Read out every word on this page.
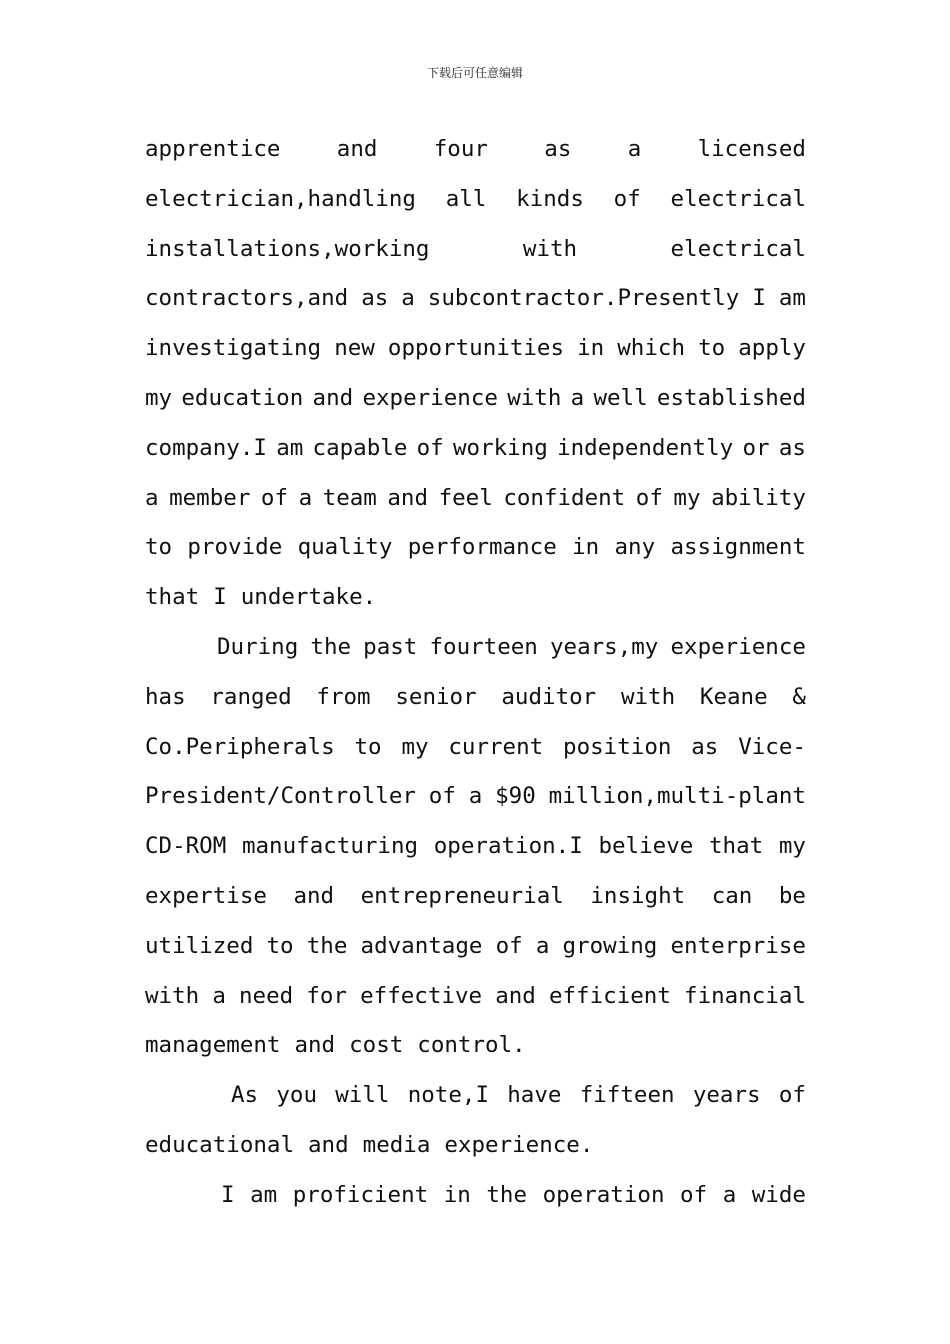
下载后可任意编辑
apprentice	and	four	as	a	licensed
electrician,handling all kinds of electrical
installations,working	with	electrical
contractors,and as a subcontractor.Presently I am
investigating new opportunities in which to apply
my education and experience with a well established
company.I am capable of working independently or as
a member of a team and feel confident of my ability
to provide quality performance in any assignment
that I undertake.
During the past fourteen years,my experience
has ranged from senior auditor with Keane &
Co.Peripherals to my current position as Vice-
President/Controller of a $90 million,multi-plant
CD-ROM manufacturing operation.I believe that my
expertise and entrepreneurial insight can be
utilized to the advantage of a growing enterprise
with a need for effective and efficient financial
management and cost control.
As you will note,I have fifteen years of
educational and media experience.
I am proficient in the operation of a wide
